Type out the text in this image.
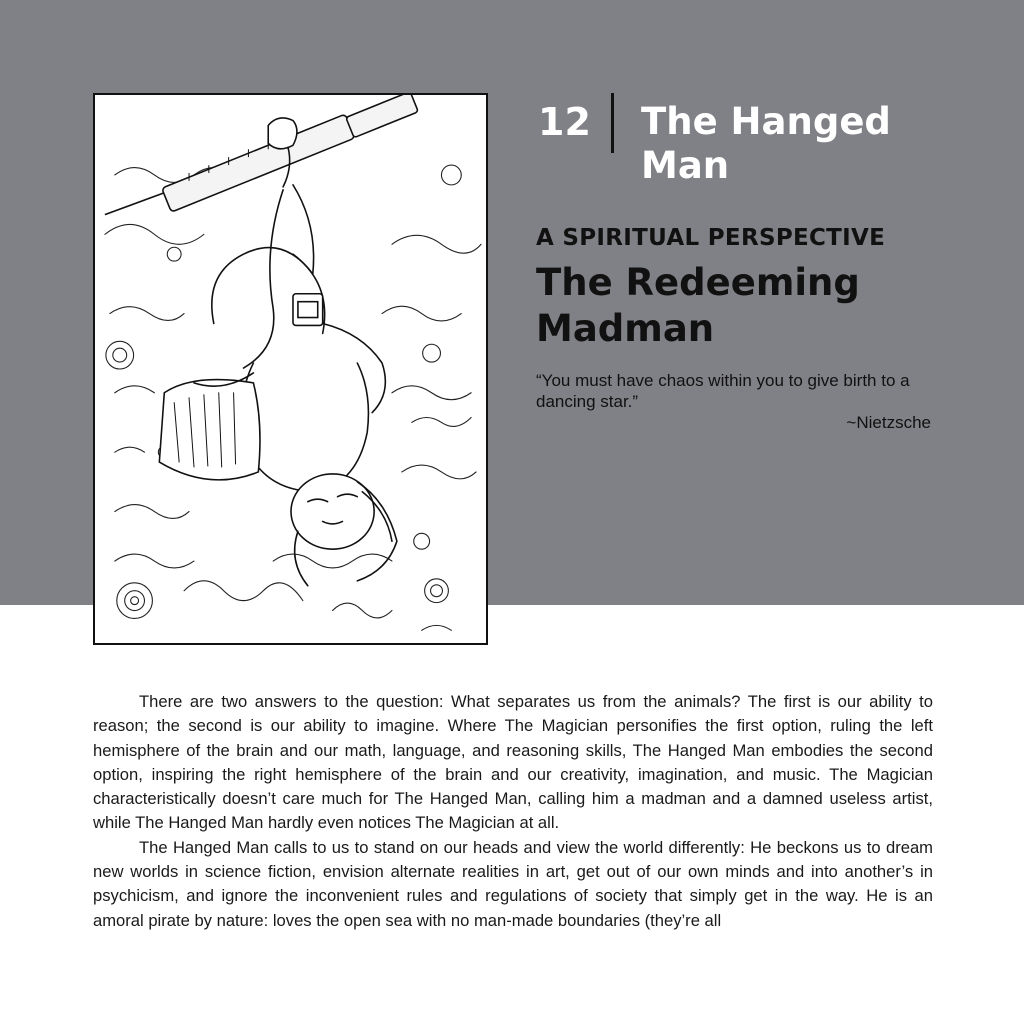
12 The Hanged Man
A SPIRITUAL PERSPECTIVE
The Redeeming Madman
“You must have chaos within you to give birth to a dancing star.”
~Nietzsche

There are two answers to the question: What separates us from the animals? The first is our ability to reason; the second is our ability to imagine. Where The Magician personifies the first option, ruling the left hemisphere of the brain and our math, language, and reasoning skills, The Hanged Man embodies the second option, inspiring the right hemisphere of the brain and our creativity, imagination, and music. The Magician characteristically doesn’t care much for The Hanged Man, calling him a madman and a damned useless artist, while The Hanged Man hardly even notices The Magician at all.

The Hanged Man calls to us to stand on our heads and view the world differently: He beckons us to dream new worlds in science fiction, envision alternate realities in art, get out of our own minds and into another’s in psychicism, and ignore the inconvenient rules and regulations of society that simply get in the way. He is an amoral pirate by nature: loves the open sea with no man-made boundaries (they’re all
